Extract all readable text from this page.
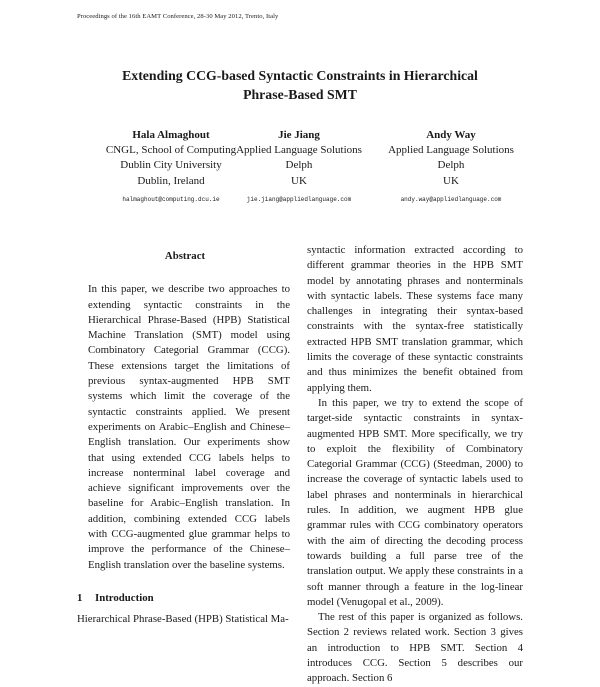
Proceedings of the 16th EAMT Conference, 28-30 May 2012, Trento, Italy
Extending CCG-based Syntactic Constraints in Hierarchical
Phrase-Based SMT
Hala Almaghout
CNGL, School of Computing
Dublin City University
Dublin, Ireland
halmaghout@computing.dcu.ie
Jie Jiang
Applied Language Solutions
Delph
UK
jie.jiang@appliedlanguage.com
Andy Way
Applied Language Solutions
Delph
UK
andy.way@appliedlanguage.com
Abstract

In this paper, we describe two approaches to extending syntactic constraints in the Hierarchical Phrase-Based (HPB) Statistical Machine Translation (SMT) model using Combinatory Categorial Grammar (CCG). These extensions target the limitations of previous syntax-augmented HPB SMT systems which limit the coverage of the syntactic constraints applied. We present experiments on Arabic–English and Chinese–English translation. Our experiments show that using extended CCG labels helps to increase nonterminal label coverage and achieve significant improvements over the baseline for Arabic–English translation. In addition, combining extended CCG labels with CCG-augmented glue grammar helps to improve the performance of the Chinese–English translation over the baseline systems.

1 Introduction

Hierarchical Phrase-Based (HPB) Statistical Ma-

syntactic information extracted according to different grammar theories in the HPB SMT model by annotating phrases and nonterminals with syntactic labels. These systems face many challenges in integrating their syntax-based constraints with the syntax-free statistically extracted HPB SMT translation grammar, which limits the coverage of these syntactic constraints and thus minimizes the benefit obtained from applying them.

In this paper, we try to extend the scope of target-side syntactic constraints in syntax-augmented HPB SMT. More specifically, we try to exploit the flexibility of Combinatory Categorial Grammar (CCG) (Steedman, 2000) to increase the coverage of syntactic labels used to label phrases and nonterminals in hierarchical rules. In addition, we augment HPB glue grammar rules with CCG combinatory operators with the aim of directing the decoding process towards building a full parse tree of the translation output. We apply these constraints in a soft manner through a feature in the log-linear model (Venugopal et al., 2009).

The rest of this paper is organized as follows. Section 2 reviews related work. Section 3 gives an introduction to HPB SMT. Section 4 introduces CCG. Section 5 describes our approach. Section 6
